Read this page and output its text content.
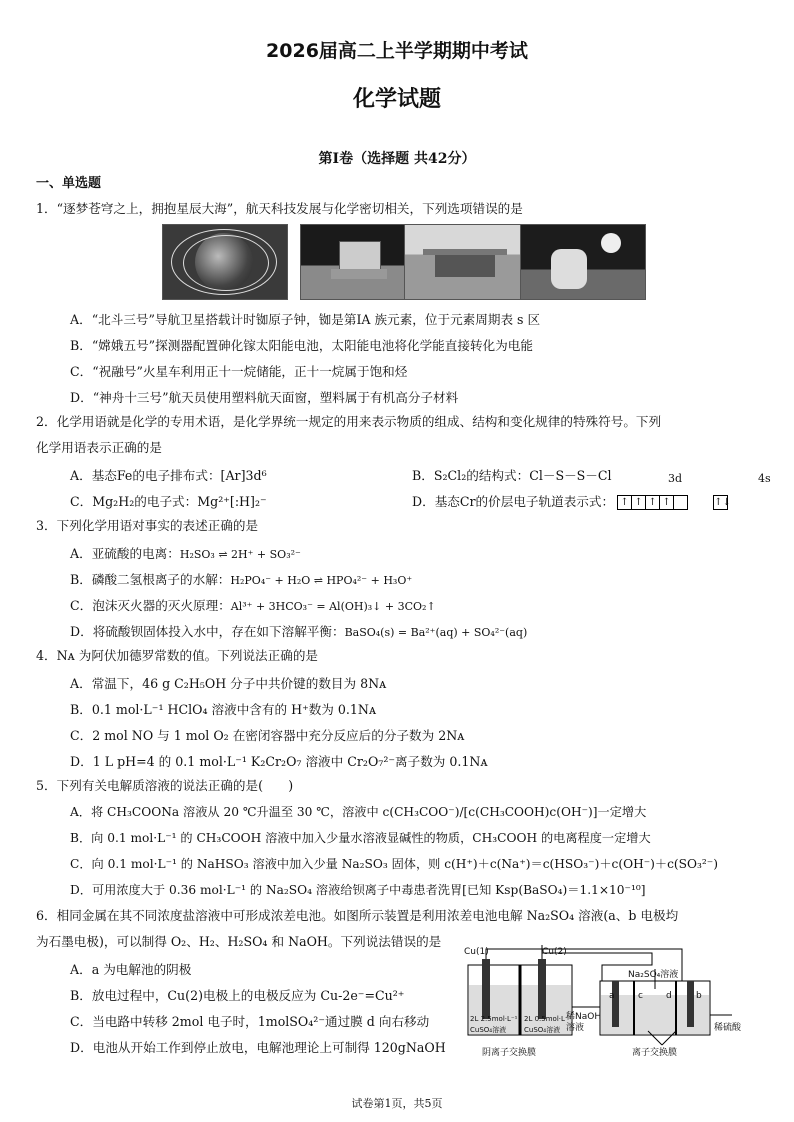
2026届高二上半学期期中考试
化学试题
第Ⅰ卷（选择题 共42分）
一、单选题
1．“逐梦苍穹之上，拥抱星辰大海”，航天科技发展与化学密切相关，下列选项错误的是
A．“北斗三号”导航卫星搭载计时铷原子钟，铷是第ⅠA 族元素，位于元素周期表 s 区
B．“嫦娥五号”探测器配置砷化镓太阳能电池，太阳能电池将化学能直接转化为电能
C．“祝融号”火星车利用正十一烷储能，正十一烷属于饱和烃
D．“神舟十三号”航天员使用塑料航天面窗，塑料属于有机高分子材料
2．化学用语就是化学的专用术语，是化学界统一规定的用来表示物质的组成、结构和变化规律的特殊符号。下列
化学用语表示正确的是
A．基态Fe的电子排布式：[Ar]3d⁶	B．S₂Cl₂的结构式：Cl－S－S－Cl
C．Mg₂H₂的电子式：Mg²⁺[:H]₂⁻
3d	4s
D．基态Cr的价层电子轨道表示式： ↑ ↑ ↑ ↑	↑↓
3．下列化学用语对事实的表述正确的是
A．亚硫酸的电离：H₂SO₃ ⇌ 2H⁺ + SO₃²⁻
B．磷酸二氢根离子的水解：H₂PO₄⁻ + H₂O ⇌ HPO₄²⁻ + H₃O⁺
C．泡沫灭火器的灭火原理：Al³⁺ + 3HCO₃⁻ = Al(OH)₃↓ + 3CO₂↑
D．将硫酸钡固体投入水中，存在如下溶解平衡：BaSO₄(s) = Ba²⁺(aq) + SO₄²⁻(aq)
4．Nᴀ 为阿伏加德罗常数的值。下列说法正确的是
A．常温下，46 g C₂H₅OH 分子中共价键的数目为 8Nᴀ
B．0.1 mol·L⁻¹ HClO₄ 溶液中含有的 H⁺数为 0.1Nᴀ
C．2 mol NO 与 1 mol O₂ 在密闭容器中充分反应后的分子数为 2Nᴀ
D．1 L pH=4 的 0.1 mol·L⁻¹ K₂Cr₂O₇ 溶液中 Cr₂O₇²⁻离子数为 0.1Nᴀ
5．下列有关电解质溶液的说法正确的是(　　)
A．将 CH₃COONa 溶液从 20 ℃升温至 30 ℃，溶液中 c(CH₃COO⁻)/[c(CH₃COOH)c(OH⁻)]一定增大
B．向 0.1 mol·L⁻¹ 的 CH₃COOH 溶液中加入少量水溶液显碱性的物质，CH₃COOH 的电离程度一定增大
C．向 0.1 mol·L⁻¹ 的 NaHSO₃ 溶液中加入少量 Na₂SO₃ 固体，则 c(H⁺)＋c(Na⁺)＝c(HSO₃⁻)＋c(OH⁻)＋c(SO₃²⁻)
D．可用浓度大于 0.36 mol·L⁻¹ 的 Na₂SO₄ 溶液给钡离子中毒患者洗胃[已知 Ksp(BaSO₄)＝1.1×10⁻¹⁰]
6．相同金属在其不同浓度盐溶液中可形成浓差电池。如图所示装置是利用浓差电池电解 Na₂SO₄ 溶液(a、b 电极均
为石墨电极)，可以制得 O₂、H₂、H₂SO₄ 和 NaOH。下列说法错误的是
A．a 为电解池的阴极
B．放电过程中，Cu(2)电极上的电极反应为 Cu-2e⁻=Cu²⁺
C．当电路中转移 2mol 电子时，1molSO₄²⁻通过膜 d 向右移动
D．电池从开始工作到停止放电，电解池理论上可制得 120gNaOH
Cu(1)	Cu(2)
Na₂SO₄溶液
a	c	d	b
2L 2.5mol·L⁻¹
CuSO₄溶液
2L 0.5mol·L⁻¹
CuSO₄溶液
稀NaOH
溶液	稀硫酸
阴离子交换膜	离子交换膜
试卷第1页，共5页
